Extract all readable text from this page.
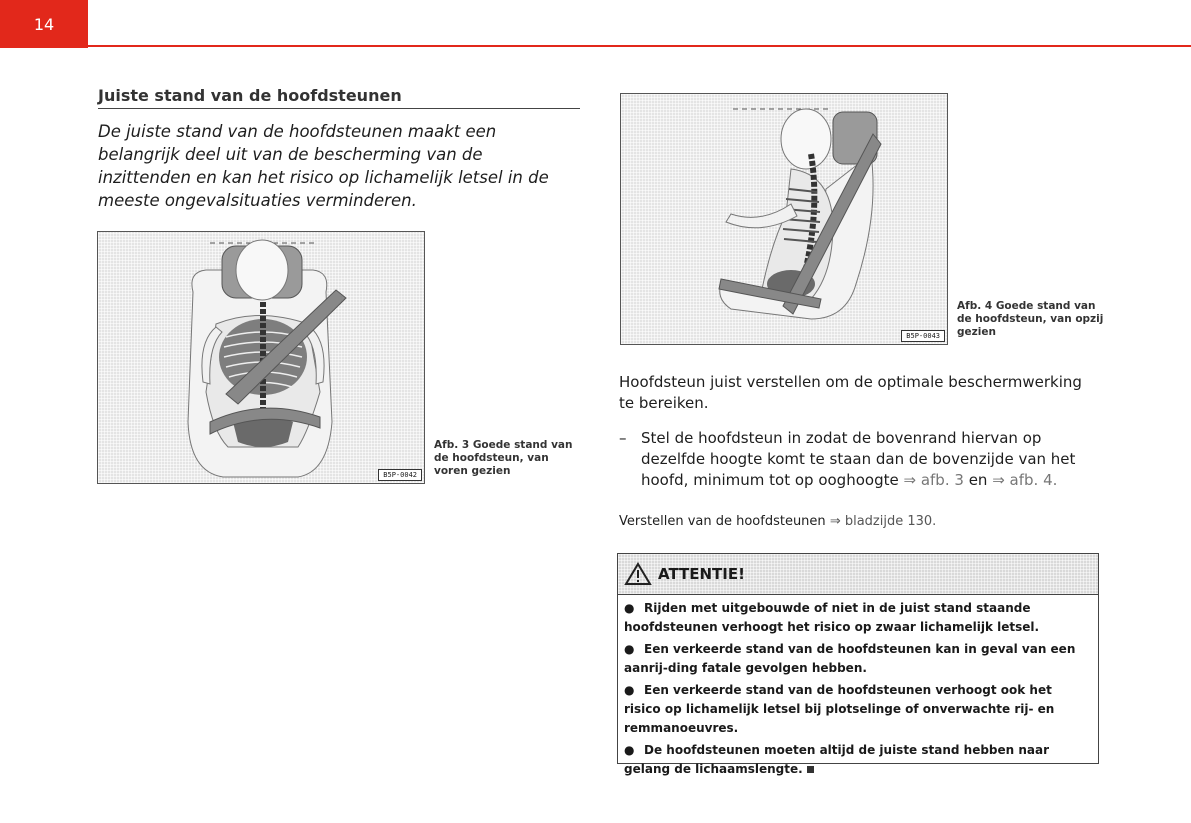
14
Juiste stand van de hoofdsteunen
De juiste stand van de hoofdsteunen maakt een belangrijk deel uit van de bescherming van de inzittenden en kan het risico op lichamelijk letsel in de meeste ongevalsituaties verminderen.
B5P-0042
Afb. 3 Goede stand van de hoofdsteun, van voren gezien
B5P-0043
Afb. 4 Goede stand van de hoofdsteun, van opzij gezien
Hoofdsteun juist verstellen om de optimale beschermwerking te bereiken.
– Stel de hoofdsteun in zodat de bovenrand hiervan op dezelfde hoogte komt te staan dan de bovenzijde van het hoofd, minimum tot op ooghoogte ⇒ afb. 3 en ⇒ afb. 4.
Verstellen van de hoofdsteunen ⇒ bladzijde 130.
ATTENTIE!
● Rijden met uitgebouwde of niet in de juist stand staande hoofdsteunen verhoogt het risico op zwaar lichamelijk letsel.
● Een verkeerde stand van de hoofdsteunen kan in geval van een aanrij-ding fatale gevolgen hebben.
● Een verkeerde stand van de hoofdsteunen verhoogt ook het risico op lichamelijk letsel bij plotselinge of onverwachte rij- en remmanoeuvres.
● De hoofdsteunen moeten altijd de juiste stand hebben naar gelang de lichaamslengte.
